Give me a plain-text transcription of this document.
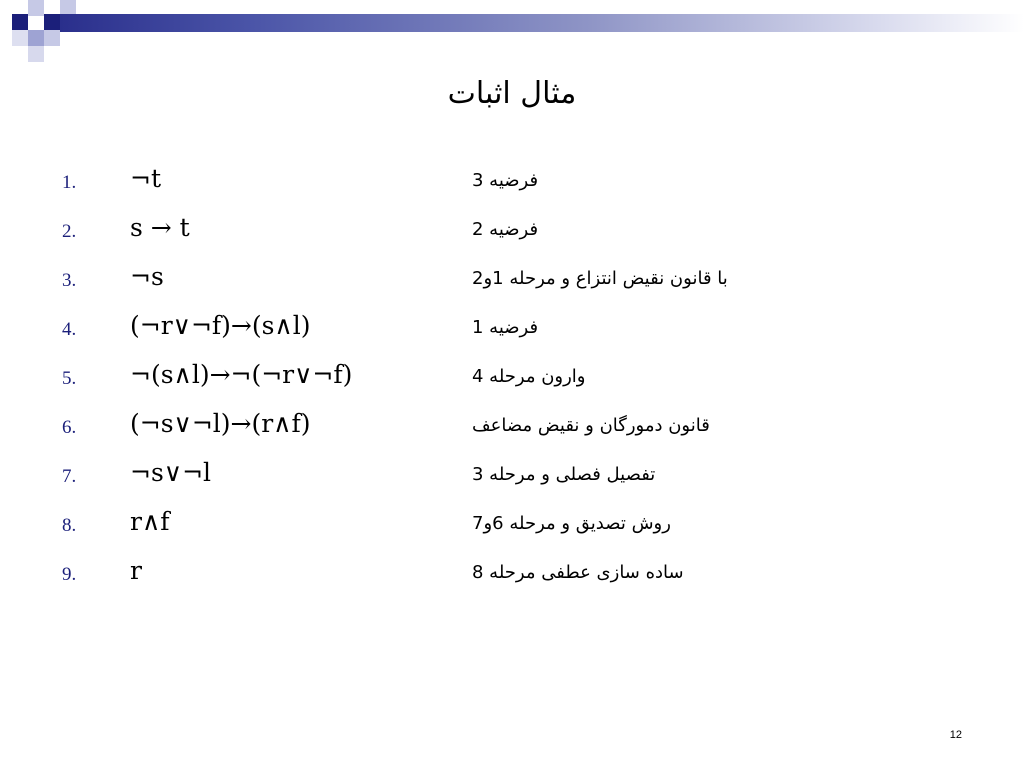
مثال اثبات
1. ¬t	فرضیه 3
2. s → t	فرضیه 2
3. ¬s	با قانون نقیض انتزاع و مرحله 1و2
4. (¬r∨¬f)→(s∧l)	فرضیه 1
5. ¬(s∧l)→¬(¬r∨¬f)	وارون مرحله 4
6. (¬s∨¬l)→(r∧f)	قانون دمورگان و نقیض مضاعف
7. ¬s∨¬l	تفصیل فصلی و مرحله 3
8. r∧f	روش تصدیق و مرحله 6و7
9. r	ساده سازی عطفی مرحله 8
12
